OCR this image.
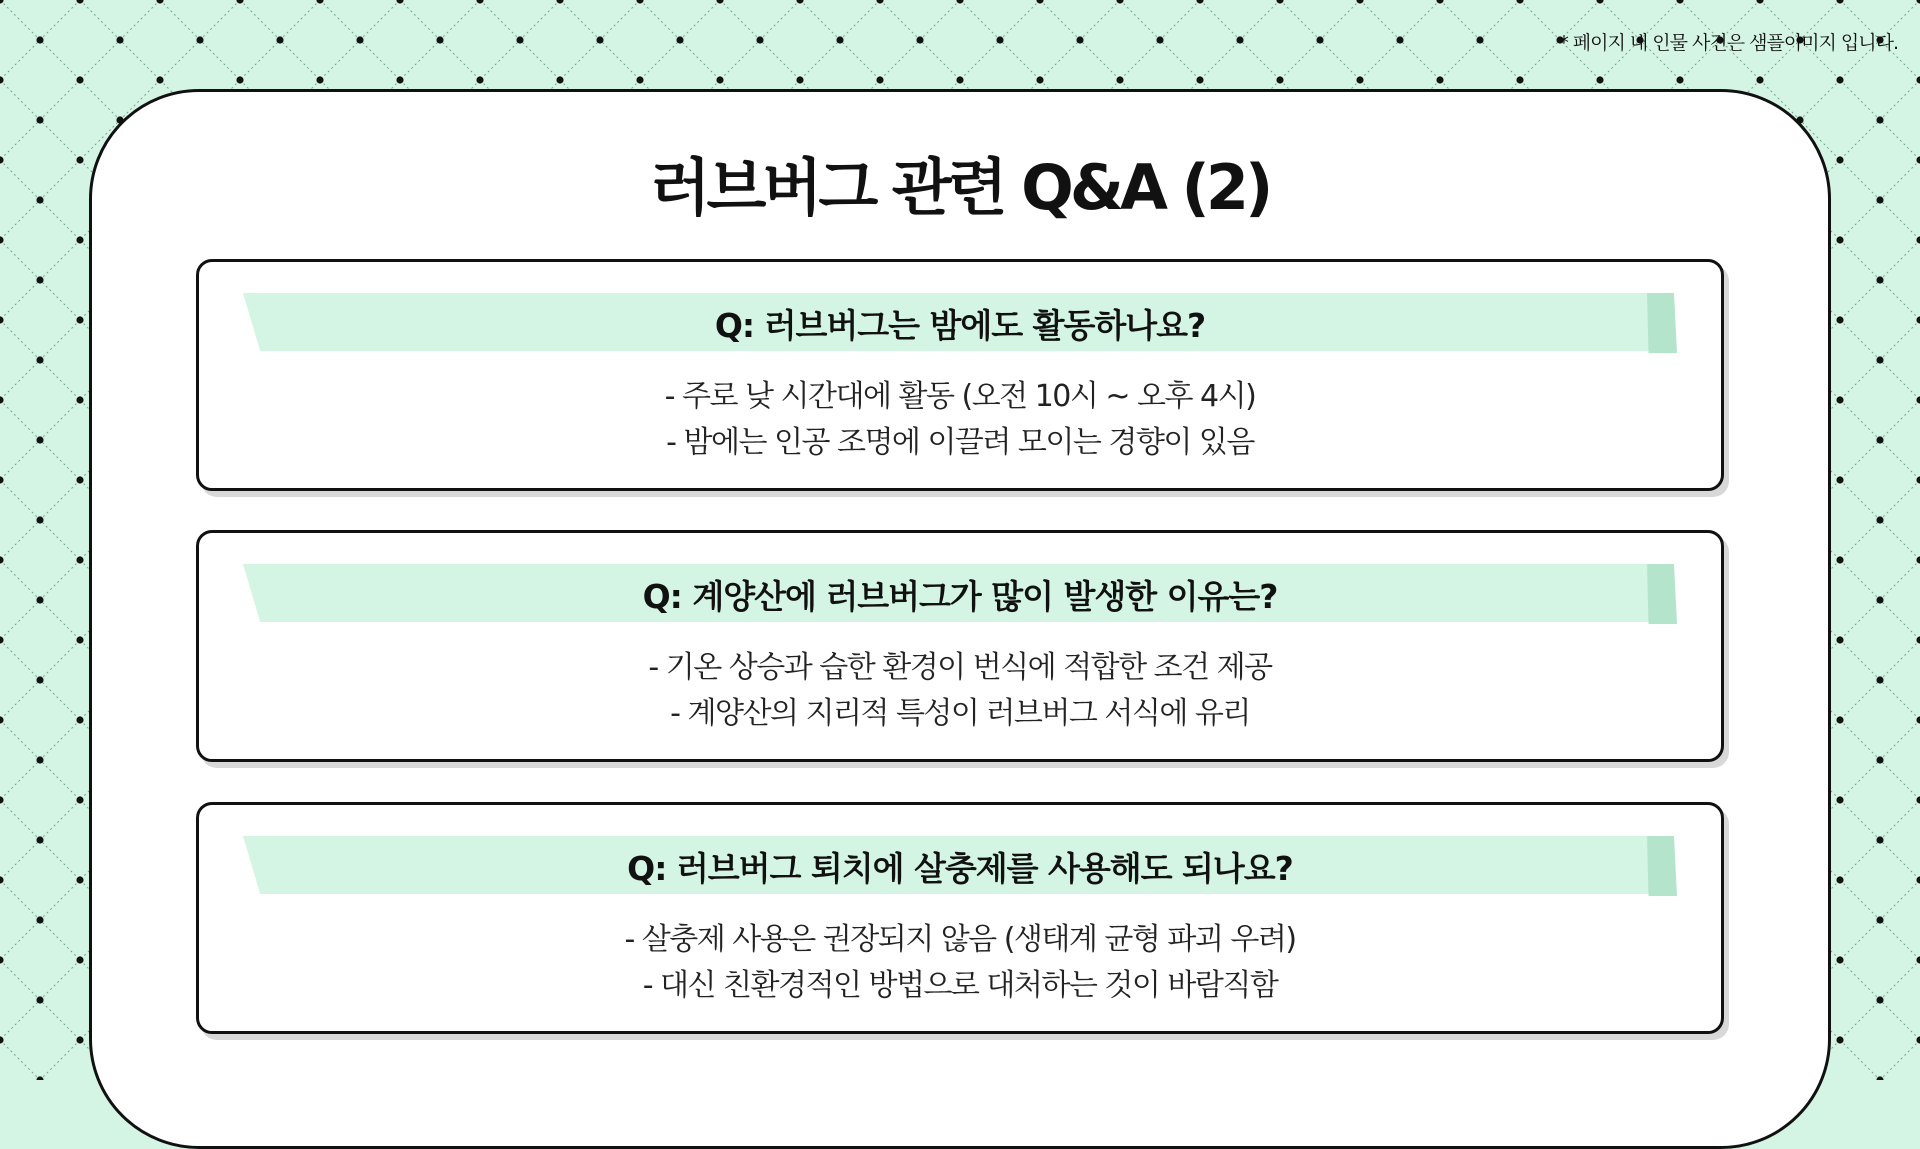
* 페이지 내 인물 사진은 샘플이미지 입니다.
러브버그 관련 Q&A (2)
Q: 러브버그는 밤에도 활동하나요?
- 주로 낮 시간대에 활동 (오전 10시 ~ 오후 4시)
- 밤에는 인공 조명에 이끌려 모이는 경향이 있음
Q: 계양산에 러브버그가 많이 발생한 이유는?
- 기온 상승과 습한 환경이 번식에 적합한 조건 제공
- 계양산의 지리적 특성이 러브버그 서식에 유리
Q: 러브버그 퇴치에 살충제를 사용해도 되나요?
- 살충제 사용은 권장되지 않음 (생태계 균형 파괴 우려)
- 대신 친환경적인 방법으로 대처하는 것이 바람직함
